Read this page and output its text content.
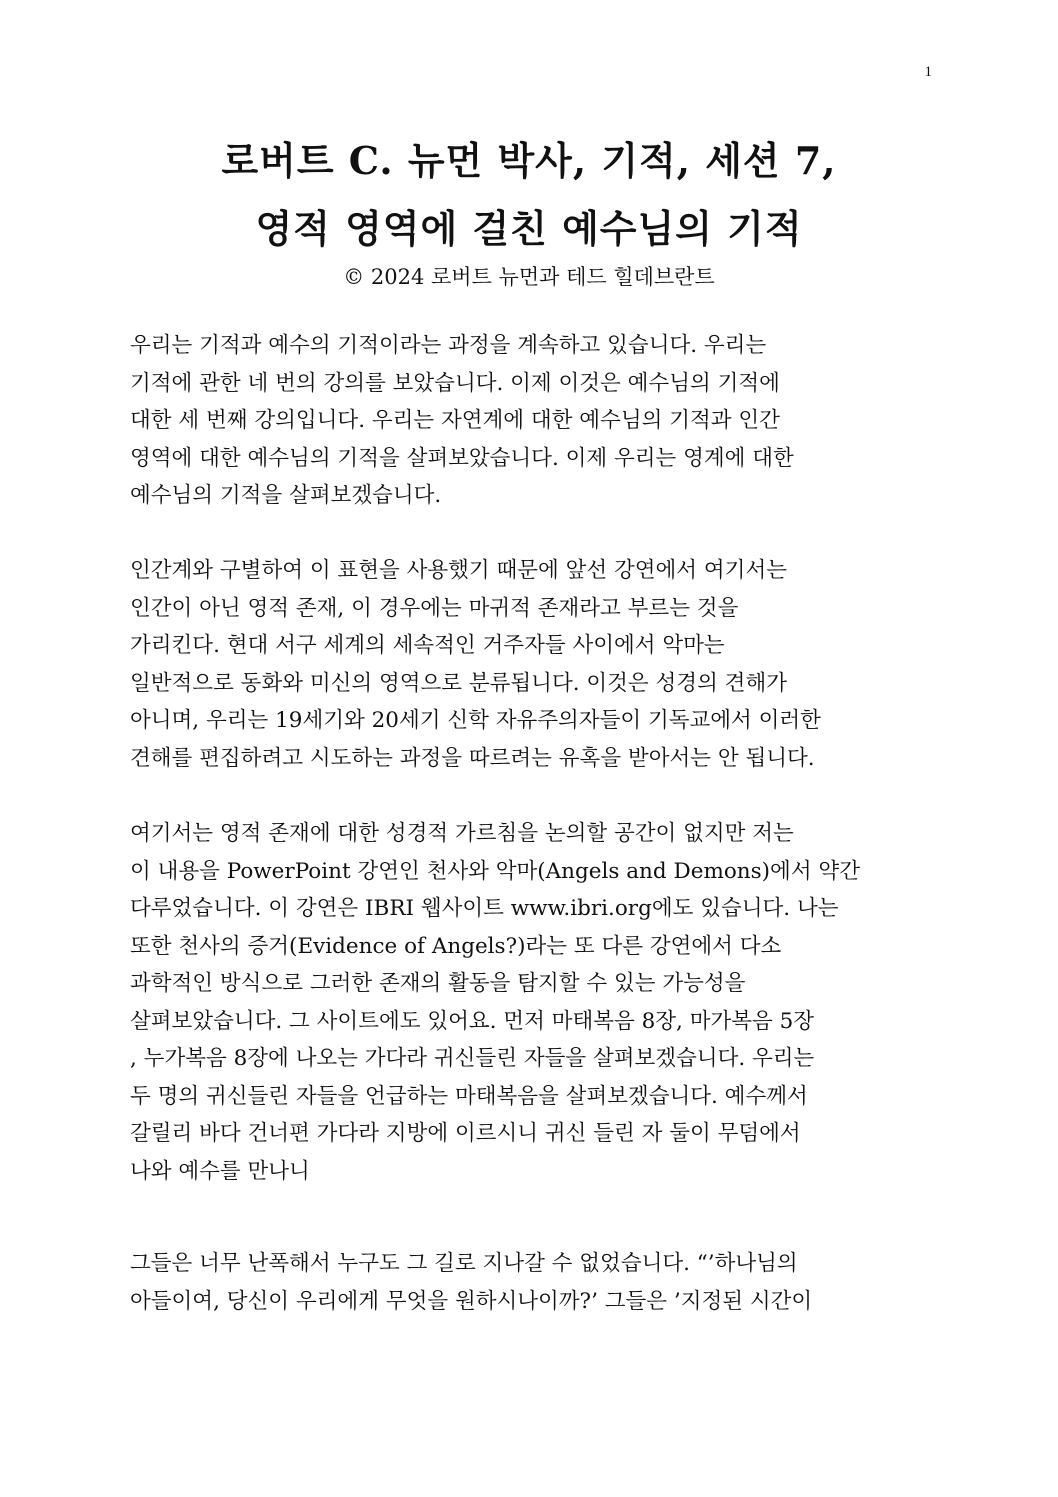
1
로버트 C. 뉴먼 박사, 기적, 세션 7,
영적 영역에 걸친 예수님의 기적
© 2024 로버트 뉴먼과 테드 힐데브란트
우리는 기적과 예수의 기적이라는 과정을 계속하고 있습니다. 우리는
기적에 관한 네 번의 강의를 보았습니다. 이제 이것은 예수님의 기적에
대한 세 번째 강의입니다. 우리는 자연계에 대한 예수님의 기적과 인간
영역에 대한 예수님의 기적을 살펴보았습니다. 이제 우리는 영계에 대한
예수님의 기적을 살펴보겠습니다.
인간계와 구별하여 이 표현을 사용했기 때문에 앞선 강연에서 여기서는
인간이 아닌 영적 존재, 이 경우에는 마귀적 존재라고 부르는 것을
가리킨다. 현대 서구 세계의 세속적인 거주자들 사이에서 악마는
일반적으로 동화와 미신의 영역으로 분류됩니다. 이것은 성경의 견해가
아니며, 우리는 19세기와 20세기 신학 자유주의자들이 기독교에서 이러한
견해를 편집하려고 시도하는 과정을 따르려는 유혹을 받아서는 안 됩니다.
여기서는 영적 존재에 대한 성경적 가르침을 논의할 공간이 없지만 저는
이 내용을 PowerPoint 강연인 천사와 악마(Angels and Demons)에서 약간
다루었습니다. 이 강연은 IBRI 웹사이트 www.ibri.org에도 있습니다. 나는
또한 천사의 증거(Evidence of Angels?)라는 또 다른 강연에서 다소
과학적인 방식으로 그러한 존재의 활동을 탐지할 수 있는 가능성을
살펴보았습니다. 그 사이트에도 있어요. 먼저 마태복음 8장, 마가복음 5장
, 누가복음 8장에 나오는 가다라 귀신들린 자들을 살펴보겠습니다. 우리는
두 명의 귀신들린 자들을 언급하는 마태복음을 살펴보겠습니다. 예수께서
갈릴리 바다 건너편 가다라 지방에 이르시니 귀신 들린 자 둘이 무덤에서
나와 예수를 만나니
그들은 너무 난폭해서 누구도 그 길로 지나갈 수 없었습니다. “’하나님의
아들이여, 당신이 우리에게 무엇을 원하시나이까?’ 그들은 ’지정된 시간이
